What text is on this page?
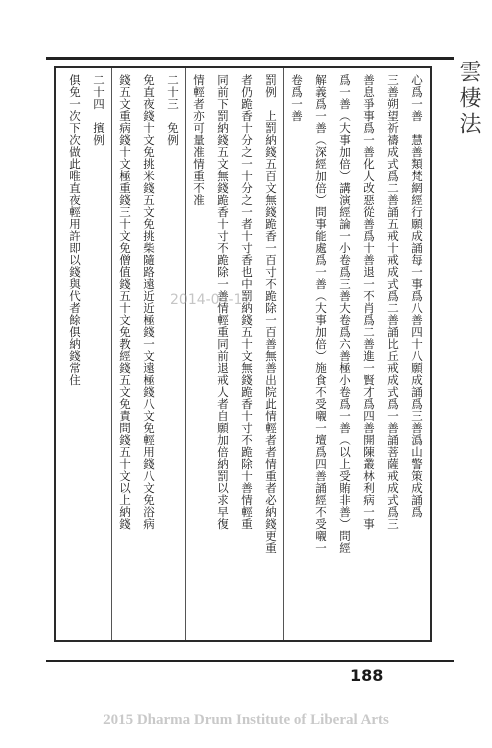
雲棲法
心爲一善　慧善類梵網經行願成誦每一事爲八善四十八願成誦爲三善潙山警策成誦爲
三善朔望祈禱成式爲二善誦五戒十戒成式爲二善誦比丘戒成式爲一善誦菩薩戒成式爲三
善息爭事爲一善化人改惡從善爲十善退一不肖爲二善進一賢才爲四善開陳叢林利病一事
爲一善（大事加倍）講演經論一小卷爲三善大卷爲六善極小卷爲一善（以上受賄非善）問經
解義爲一善（深經加倍）問事能處爲一善（大事加倍）施食不受嚫一壇爲四善誦經不受嚫一
卷爲一善
罰例　上罰納錢五百文無錢跪香一百寸不跪除一百善無善出院此情輕者者情重者必納錢更重
者仍跪香十分之一十分之一者十寸香也中罰納錢五十文無錢跪香十寸不跪除十善情輕重
同前下罰納錢五文無錢跪香十寸不跪除一善情輕重同前退戒人者自願加倍納罰以求早復
情輕者亦可量准情重不准
二十三　免例
免直夜錢十文免挑米錢五文免挑柴隨路遠近近極錢一文遠極錢八文免輕用錢八文免浴病
錢五文重病錢十文極重錢三十文免僧值錢五十文免教經錢五文免責問錢五十文以上納錢
二十四　擯例
俱免一次下次做此唯直夜輕用許即以錢與代者餘俱納錢常住	2014-04-17
188
2015 Dharma Drum Institute of Liberal Arts
